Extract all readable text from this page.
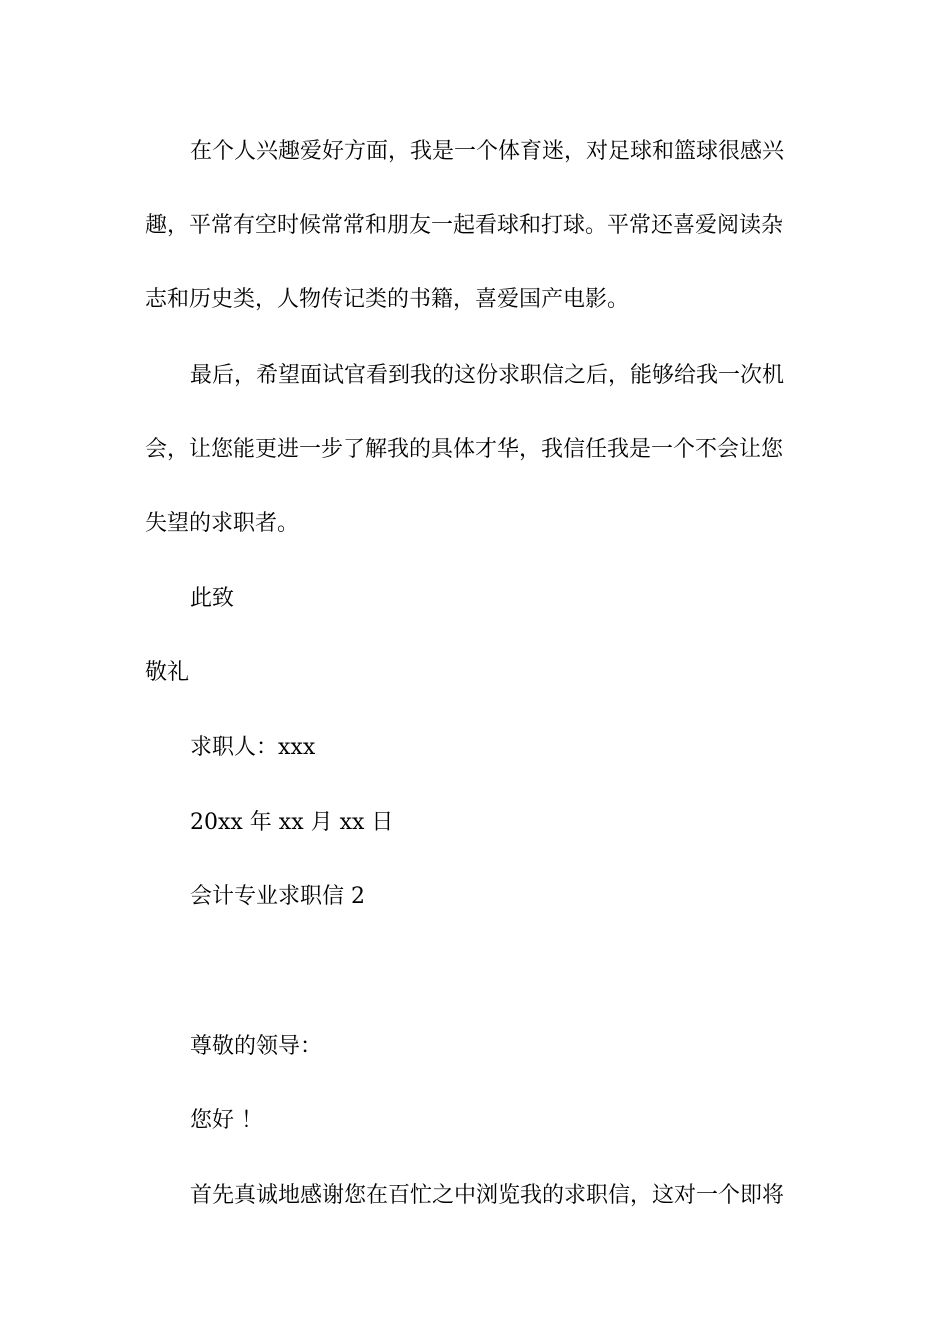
在个人兴趣爱好方面，我是一个体育迷，对足球和篮球很感兴

趣，平常有空时候常常和朋友一起看球和打球。平常还喜爱阅读杂

志和历史类，人物传记类的书籍，喜爱国产电影。

最后，希望面试官看到我的这份求职信之后，能够给我一次机

会，让您能更进一步了解我的具体才华，我信任我是一个不会让您

失望的求职者。

此致

敬礼

求职人：xxx

20xx 年 xx 月 xx 日

会计专业求职信 2

尊敬的领导：

您好 ！

首先真诚地感谢您在百忙之中浏览我的求职信，这对一个即将
